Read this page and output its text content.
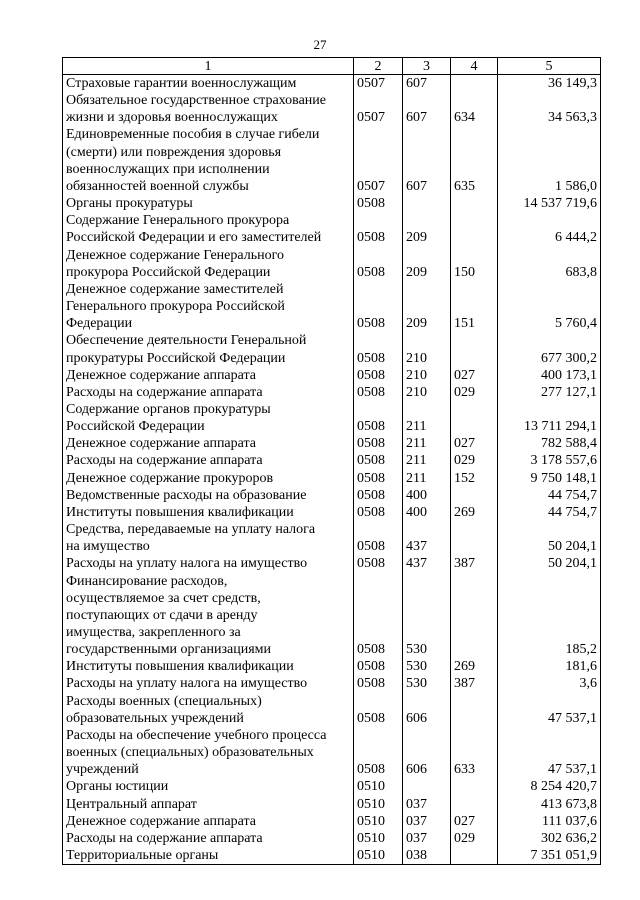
27
1	2	3	4	5
Страховые гарантии военнослужащим	0507	607		36 149,3
Обязательное государственное страхование
жизни и здоровья военнослужащих	0507	607	634	34 563,3
Единовременные пособия в случае гибели
(смерти) или повреждения здоровья
военнослужащих при исполнении
обязанностей военной службы	0507	607	635	1 586,0
Органы прокуратуры	0508			14 537 719,6
Содержание Генерального прокурора
Российской Федерации и его заместителей	0508	209		6 444,2
Денежное содержание Генерального
прокурора Российской Федерации	0508	209	150	683,8
Денежное содержание заместителей
Генерального прокурора Российской
Федерации	0508	209	151	5 760,4
Обеспечение деятельности Генеральной
прокуратуры Российской Федерации	0508	210		677 300,2
Денежное содержание аппарата	0508	210	027	400 173,1
Расходы на содержание аппарата	0508	210	029	277 127,1
Содержание органов прокуратуры
Российской Федерации	0508	211		13 711 294,1
Денежное содержание аппарата	0508	211	027	782 588,4
Расходы на содержание аппарата	0508	211	029	3 178 557,6
Денежное содержание прокуроров	0508	211	152	9 750 148,1
Ведомственные расходы на образование	0508	400		44 754,7
Институты повышения квалификации	0508	400	269	44 754,7
Средства, передаваемые на уплату налога
на имущество	0508	437		50 204,1
Расходы на уплату налога на имущество	0508	437	387	50 204,1
Финансирование расходов,
осуществляемое за счет средств,
поступающих от сдачи в аренду
имущества, закрепленного за
государственными организациями	0508	530		185,2
Институты повышения квалификации	0508	530	269	181,6
Расходы на уплату налога на имущество	0508	530	387	3,6
Расходы военных (специальных)
образовательных учреждений	0508	606		47 537,1
Расходы на обеспечение учебного процесса
военных (специальных) образовательных
учреждений	0508	606	633	47 537,1
Органы юстиции	0510			8 254 420,7
Центральный аппарат	0510	037		413 673,8
Денежное содержание аппарата	0510	037	027	111 037,6
Расходы на содержание аппарата	0510	037	029	302 636,2
Территориальные органы	0510	038		7 351 051,9
